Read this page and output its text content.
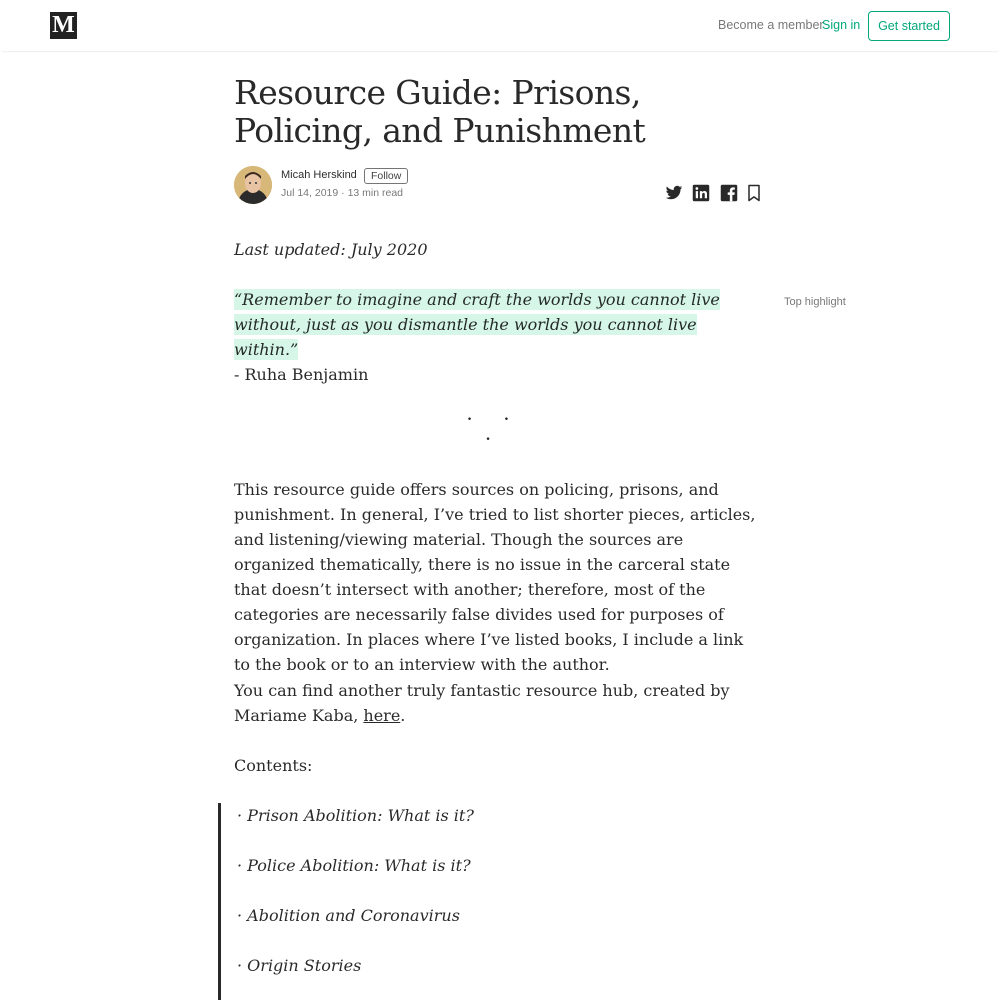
M	Become a member
Sign in	Get started
Resource Guide: Prisons, Policing, and Punishment
Micah Herskind	Follow
Jul 14, 2019 · 13 min read

Last updated: July 2020

“Remember to imagine and craft the worlds you cannot live without, just as you dismantle the worlds you cannot live within.”

Top highlight

- Ruha Benjamin

· · ·

This resource guide offers sources on policing, prisons, and punishment. In general, I’ve tried to list shorter pieces, articles, and listening/viewing material. Though the sources are organized thematically, there is no issue in the carceral state that doesn’t intersect with another; therefore, most of the categories are necessarily false divides used for purposes of organization. In places where I’ve listed books, I include a link to the book or to an interview with the author.

You can find another truly fantastic resource hub, created by Mariame Kaba, here.

Contents:

· Prison Abolition: What is it?
· Police Abolition: What is it?
· Abolition and Coronavirus
· Origin Stories
